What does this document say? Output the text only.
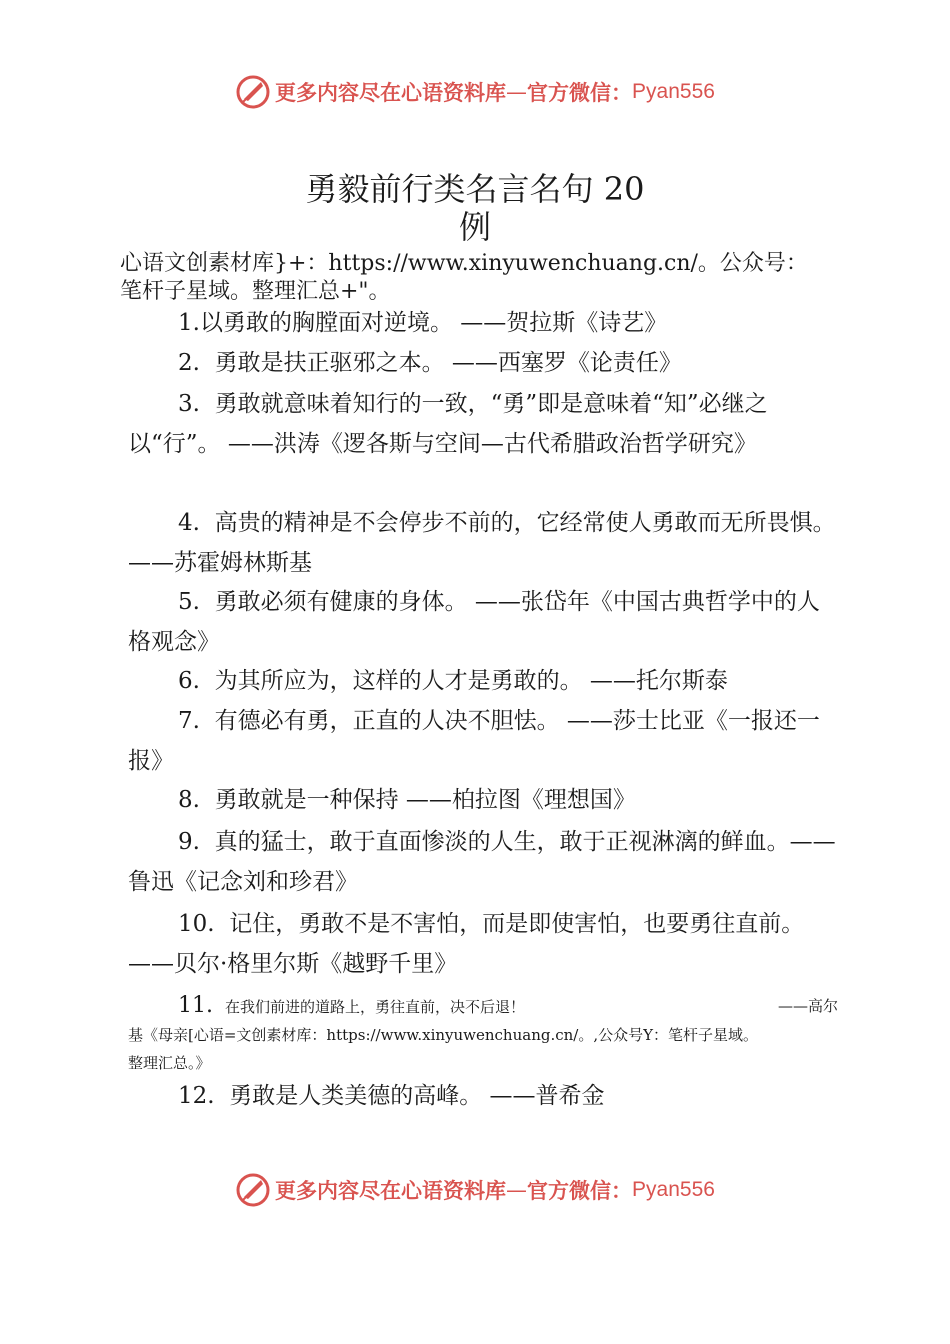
更多内容尽在心语资料库 — 官方微信： Pyan556
勇毅前行类名言名句 20
例
心语文创素材库}+：https://www.xinyuwenchuang.cn/。公众号：
笔杆子星域。整理汇总+"。

1.以勇敢的胸膛面对逆境。 ——贺拉斯《诗艺》

2. 勇敢是扶正驱邪之本。 ——西塞罗《论责任》

3. 勇敢就意味着知行的一致，“勇”即是意味着“知”必继之以“行”。 ——洪涛《逻各斯与空间—古代希腊政治哲学研究》

4. 高贵的精神是不会停步不前的，它经常使人勇敢而无所畏惧。 ——苏霍姆林斯基

5. 勇敢必须有健康的身体。 ——张岱年《中国古典哲学中的人格观念》

6. 为其所应为，这样的人才是勇敢的。 ——托尔斯泰

7. 有德必有勇，正直的人决不胆怯。 ——莎士比亚《一报还一报》

8. 勇敢就是一种保持 ——柏拉图《理想国》

9. 真的猛士，敢于直面惨淡的人生，敢于正视淋漓的鲜血。——鲁迅《记念刘和珍君》

10. 记住，勇敢不是不害怕，而是即使害怕，也要勇往直前。——贝尔·格里尔斯《越野千里》

11. 在我们前进的道路上，勇往直前，决不后退！	——高尔
基《母亲[心语=文创素材库：https://www.xinyuwenchuang.cn/。,公众号Y：笔杆子星域。
整理汇总。》

12. 勇敢是人类美德的高峰。 ——普希金

更多内容尽在心语资料库 — 官方微信： Pyan556
